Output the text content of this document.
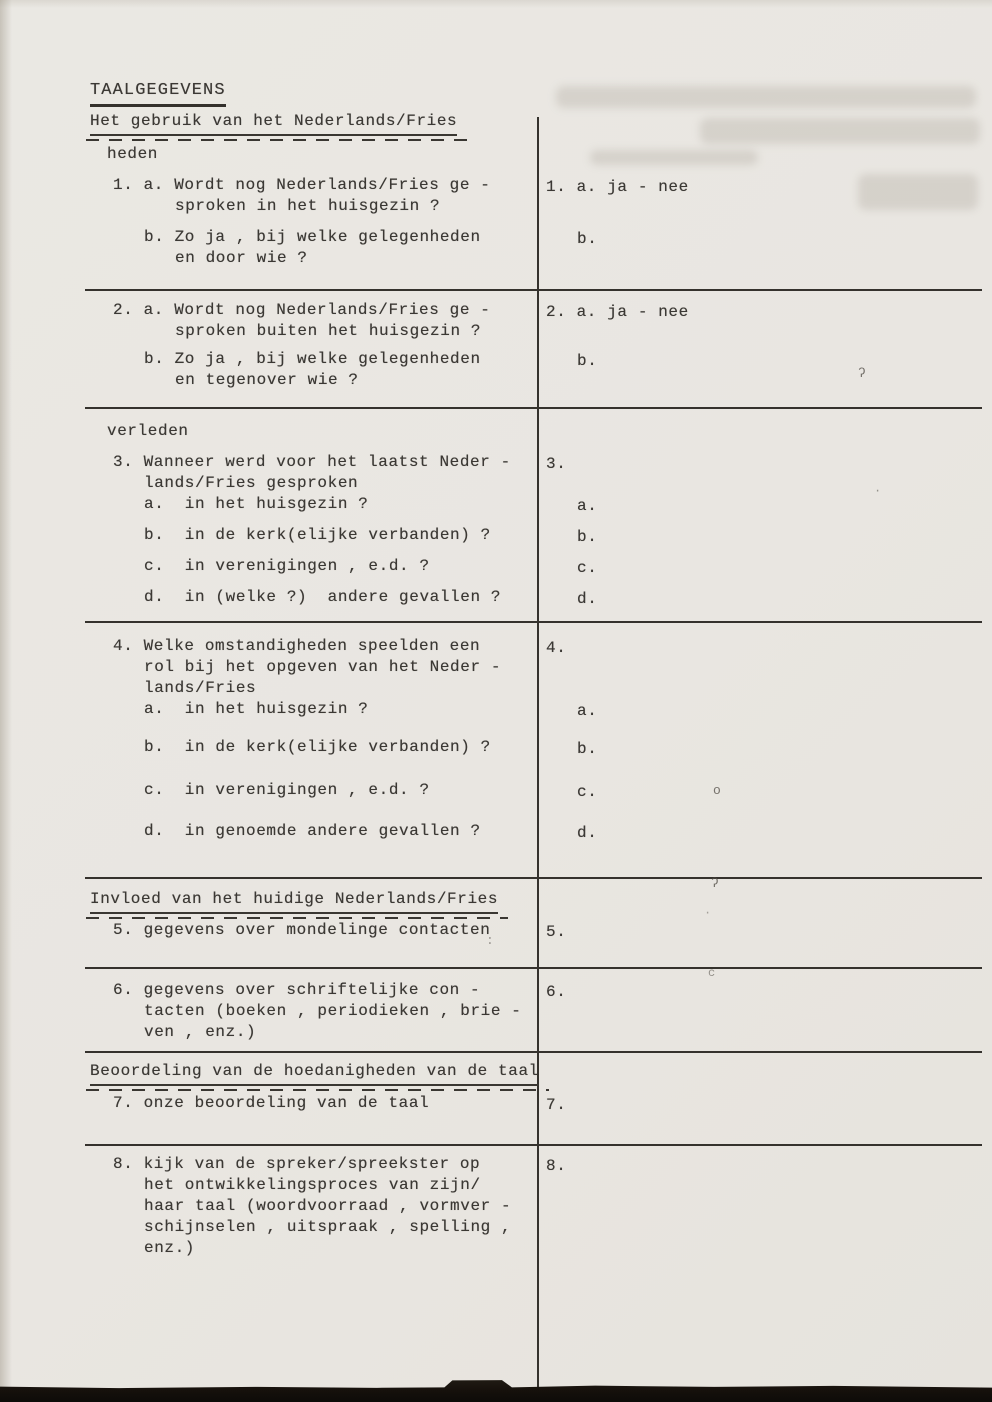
TAALGEGEVENS
Het gebruik van het Nederlands/Fries
heden
1. a. Wordt nog Nederlands/Fries ge -
sproken in het huisgezin ?
b. Zo ja , bij welke gelegenheden
en door wie ?
1. a. ja - nee
b.
2. a. Wordt nog Nederlands/Fries ge -
sproken buiten het huisgezin ?
b. Zo ja , bij welke gelegenheden
en tegenover wie ?
2. a. ja - nee
b.
verleden
3. Wanneer werd voor het laatst Neder -
lands/Fries gesproken
a.  in het huisgezin ?
b.  in de kerk(elijke verbanden) ?
c.  in verenigingen , e.d. ?
d.  in (welke ?)  andere gevallen ?
3.
a.
b.
c.
d.
4. Welke omstandigheden speelden een
rol bij het opgeven van het Neder -
lands/Fries
a.  in het huisgezin ?
b.  in de kerk(elijke verbanden) ?
c.  in verenigingen , e.d. ?
d.  in genoemde andere gevallen ?
4.
a.
b.
c.
d.
Invloed van het huidige Nederlands/Fries
5. gegevens over mondelinge contacten	5.
6. gegevens over schriftelijke con -
tacten (boeken , periodieken , brie -
ven , enz.)
6.
Beoordeling van de hoedanigheden van de taal
7. onze beoordeling van de taal	7.
8. kijk van de spreker/spreekster op
het ontwikkelingsproces van zijn/
haar taal (woordvoorraad , vormver -
schijnselen , uitspraak , spelling ,
enz.)
8.
ʔ
·
o
ʔ
·
c
:
